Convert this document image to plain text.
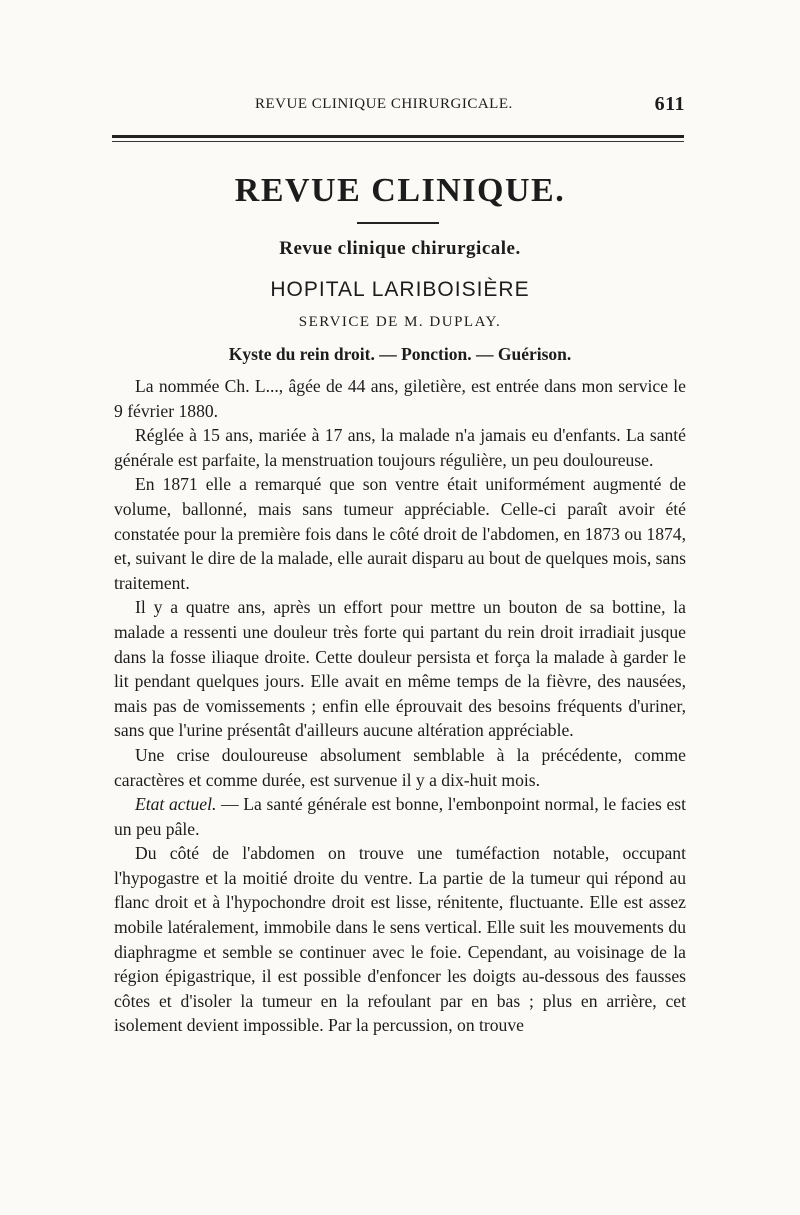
REVUE CLINIQUE CHIRURGICALE.	611
REVUE CLINIQUE.
Revue clinique chirurgicale.
HOPITAL LARIBOISIÈRE
SERVICE DE M. DUPLAY.
Kyste du rein droit. — Ponction. — Guérison.

La nommée Ch. L..., âgée de 44 ans, giletière, est entrée dans mon service le 9 février 1880.

Réglée à 15 ans, mariée à 17 ans, la malade n'a jamais eu d'enfants. La santé générale est parfaite, la menstruation toujours régulière, un peu douloureuse.

En 1871 elle a remarqué que son ventre était uniformément augmenté de volume, ballonné, mais sans tumeur appréciable. Celle-ci paraît avoir été constatée pour la première fois dans le côté droit de l'abdomen, en 1873 ou 1874, et, suivant le dire de la malade, elle aurait disparu au bout de quelques mois, sans traitement.

Il y a quatre ans, après un effort pour mettre un bouton de sa bottine, la malade a ressenti une douleur très forte qui partant du rein droit irradiait jusque dans la fosse iliaque droite. Cette douleur persista et força la malade à garder le lit pendant quelques jours. Elle avait en même temps de la fièvre, des nausées, mais pas de vomissements ; enfin elle éprouvait des besoins fréquents d'uriner, sans que l'urine présentât d'ailleurs aucune altération appréciable.

Une crise douloureuse absolument semblable à la précédente, comme caractères et comme durée, est survenue il y a dix-huit mois.

Etat actuel. — La santé générale est bonne, l'embonpoint normal, le facies est un peu pâle.

Du côté de l'abdomen on trouve une tuméfaction notable, occupant l'hypogastre et la moitié droite du ventre. La partie de la tumeur qui répond au flanc droit et à l'hypochondre droit est lisse, rénitente, fluctuante. Elle est assez mobile latéralement, immobile dans le sens vertical. Elle suit les mouvements du diaphragme et semble se continuer avec le foie. Cependant, au voisinage de la région épigastrique, il est possible d'enfoncer les doigts au-dessous des fausses côtes et d'isoler la tumeur en la refoulant par en bas ; plus en arrière, cet isolement devient impossible. Par la percussion, on trouve
